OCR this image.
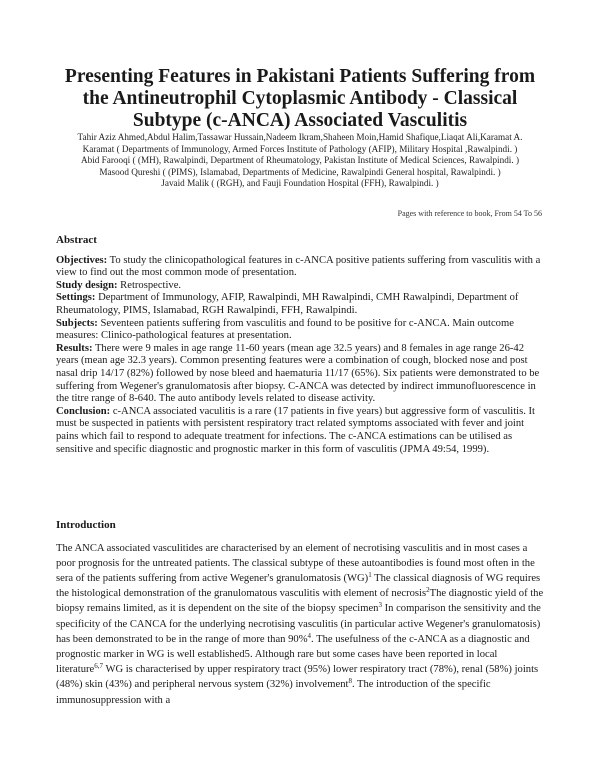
Presenting Features in Pakistani Patients Suffering from the Antineutrophil Cytoplasmic Antibody - Classical Subtype (c-ANCA) Associated Vasculitis
Tahir Aziz Ahmed,Abdul Halim,Tassawar Hussain,Nadeem Ikram,Shaheen Moin,Hamid Shafique,Liaqat Ali,Karamat A.
Karamat ( Departments of Immunology, Armed Forces Institute of Pathology (AFIP), Military Hospital ,Rawalpindi. )
Abid Farooqi ( (MH), Rawalpindi, Department of Rheumatology, Pakistan Institute of Medical Sciences, Rawalpindi. )
Masood Qureshi ( (PIMS), Islamabad, Departments of Medicine, Rawalpindi General hospital, Rawalpindi. )
Javaid Malik ( (RGH), and Fauji Foundation Hospital (FFH), Rawalpindi. )
Pages with reference to book, From 54 To 56
Abstract

Objectives: To study the clinicopathological features in c-ANCA positive patients suffering from vasculitis with a view to find out the most common mode of presentation.

Study design: Retrospective.

Settings: Department of Immunology, AFIP, Rawalpindi, MH Rawalpindi, CMH Rawalpindi, Department of Rheumatology, PIMS, Islamabad, RGH Rawalpindi, FFH, Rawalpindi.

Subjects: Seventeen patients suffering from vasculitis and found to be positive for c-ANCA. Main outcome measures: Clinico-pathological features at presentation.

Results: There were 9 males in age range 11-60 years (mean age 32.5 years) and 8 females in age range 26-42 years (mean age 32.3 years). Common presenting features were a combination of cough, blocked nose and post nasal drip 14/17 (82%) followed by nose bleed and haematuria 11/17 (65%). Six patients were demonstrated to be suffering from Wegener's granulomatosis after biopsy. C-ANCA was detected by indirect immunofluorescence in the titre range of 8-640. The auto antibody levels related to disease activity.

Conclusion: c-ANCA associated vaculitis is a rare (17 patients in five years) but aggressive form of vasculitis. It must be suspected in patients with persistent respiratory tract related symptoms associated with fever and joint pains which fail to respond to adequate treatment for infections. The c-ANCA estimations can be utilised as sensitive and specific diagnostic and prognostic marker in this form of vasculitis (JPMA 49:54, 1999).

Introduction

The ANCA associated vasculitides are characterised by an element of necrotising vasculitis and in most cases a poor prognosis for the untreated patients. The classical subtype of these autoantibodies is found most often in the sera of the patients suffering from active Wegener's granulomatosis (WG)$^1$ The classical diagnosis of WG requires the histological demonstration of the granulomatous vasculitis with element of necrosis$^2$The diagnostic yield of the biopsy remains limited, as it is dependent on the site of the biopsy specimen$^3$ In comparison the sensitivity and the specificity of the CANCA for the underlying necrotising vasculitis (in particular active Wegener's granulomatosis) has been demonstrated to be in the range of more than 90%$^4$. The usefulness of the c-ANCA as a diagnostic and prognostic marker in WG is well established5. Although rare but some cases have been reported in local literature$^{6,7}$ WG is characterised by upper respiratory tract (95%) lower respiratory tract (78%), renal (58%) joints (48%) skin (43%) and peripheral nervous system (32%) involvement$^8$. The introduction of the specific immunosuppression with a
